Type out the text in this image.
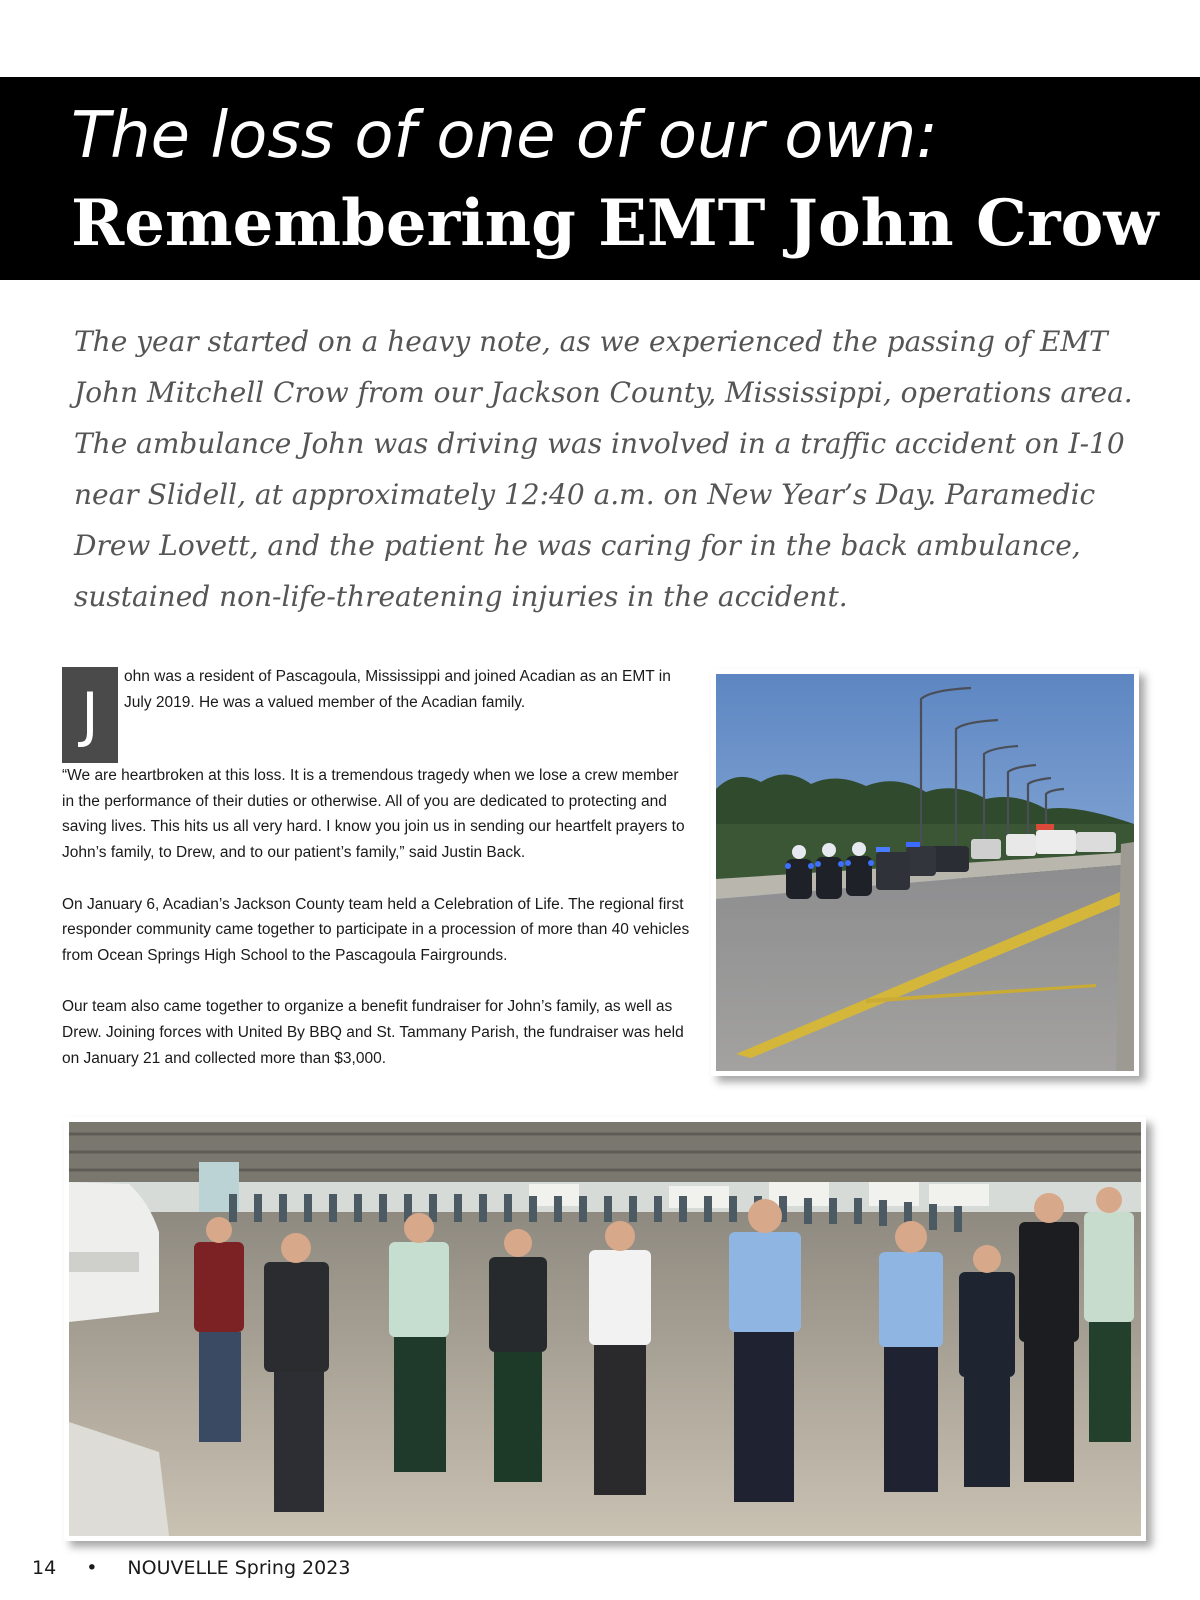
The loss of one of our own:
Remembering EMT John Crow

The year started on a heavy note, as we experienced the passing of EMT John Mitchell Crow from our Jackson County, Mississippi, operations area. The ambulance John was driving was involved in a traffic accident on I-10 near Slidell, at approximately 12:40 a.m. on New Year’s Day. Paramedic Drew Lovett, and the patient he was caring for in the back ambulance, sustained non-life-threatening injuries in the accident.

J

ohn was a resident of Pascagoula, Mississippi and joined Acadian as an EMT in July 2019. He was a valued member of the Acadian family.

“We are heartbroken at this loss. It is a tremendous tragedy when we lose a crew member in the performance of their duties or otherwise. All of you are dedicated to protecting and saving lives. This hits us all very hard. I know you join us in sending our heartfelt prayers to John’s family, to Drew, and to our patient’s family,” said Justin Back.

On January 6, Acadian’s Jackson County team held a Celebration of Life. The regional first responder community came together to participate in a procession of more than 40 vehicles from Ocean Springs High School to the Pascagoula Fairgrounds.

Our team also came together to organize a benefit fundraiser for John’s family, as well as Drew. Joining forces with United By BBQ and St. Tammany Parish, the fundraiser was held on January 21 and collected more than $3,000.

14 • NOUVELLE Spring 2023
